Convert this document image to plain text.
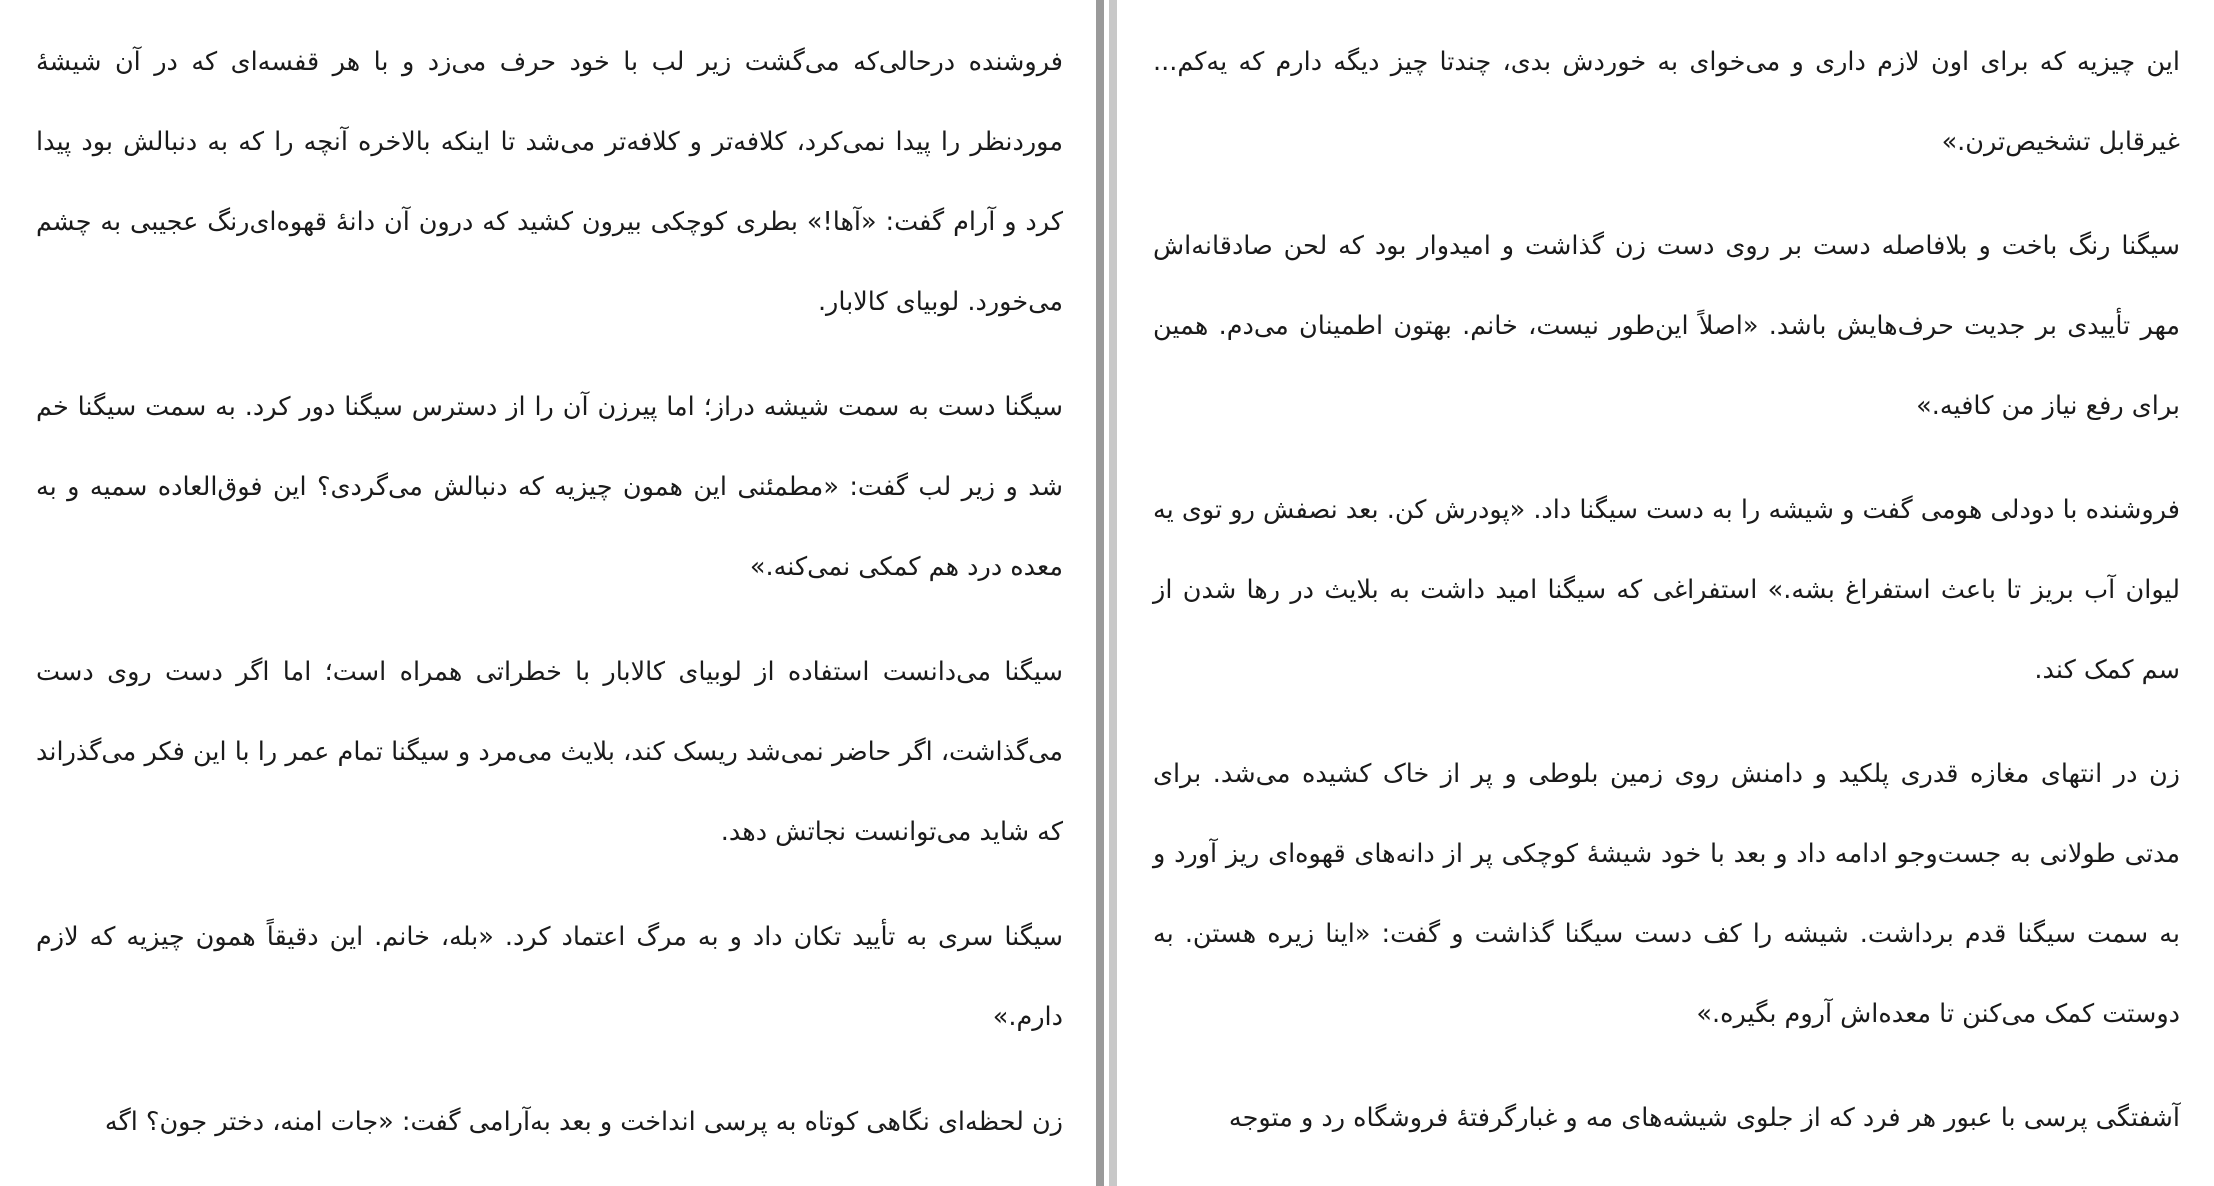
فروشنده درحالی‌که می‌گشت زیر لب با خود حرف می‌زد و با هر قفسه‌ای که در آن شیشهٔ موردنظر را پیدا نمی‌کرد، کلافه‌تر و کلافه‌تر می‌شد تا اینکه بالاخره آنچه را که به دنبالش بود پیدا کرد و آرام گفت: «آها!» بطری کوچکی بیرون کشید که درون آن دانهٔ قهوه‌ای‌رنگ عجیبی به چشم می‌خورد. لوبیای کالابار.

سیگنا دست به سمت شیشه دراز؛ اما پیرزن آن را از دسترس سیگنا دور کرد. به سمت سیگنا خم شد و زیر لب گفت: «مطمئنی این همون چیزیه که دنبالش می‌گردی؟ این فوق‌العاده سمیه و به معده درد هم کمکی نمی‌کنه.»

سیگنا می‌دانست استفاده از لوبیای کالابار با خطراتی همراه است؛ اما اگر دست روی دست می‌گذاشت، اگر حاضر نمی‌شد ریسک کند، بلایث می‌مرد و سیگنا تمام عمر را با این فکر می‌گذراند که شاید می‌توانست نجاتش دهد.

سیگنا سری به تأیید تکان داد و به مرگ اعتماد کرد. «بله، خانم. این دقیقاً همون چیزیه که لازم دارم.»

زن لحظه‌ای نگاهی کوتاه به پرسی انداخت و بعد به‌آرامی گفت: «جات امنه، دختر جون؟ اگه

این چیزیه که برای اون لازم داری و می‌خوای به خوردش بدی، چندتا چیز دیگه دارم که یه‌کم... غیرقابل تشخیص‌ترن.»

سیگنا رنگ باخت و بلافاصله دست بر روی دست زن گذاشت و امیدوار بود که لحن صادقانه‌اش مهر تأییدی بر جدیت حرف‌هایش باشد. «اصلاً این‌طور نیست، خانم. بهتون اطمینان می‌دم. همین برای رفع نیاز من کافیه.»

فروشنده با دودلی هومی گفت و شیشه را به دست سیگنا داد. «پودرش کن. بعد نصفش رو توی یه لیوان آب بریز تا باعث استفراغ بشه.» استفراغی که سیگنا امید داشت به بلایث در رها شدن از سم کمک کند.

زن در انتهای مغازه قدری پلکید و دامنش روی زمین بلوطی و پر از خاک کشیده می‌شد. برای مدتی طولانی به جست‌وجو ادامه داد و بعد با خود شیشهٔ کوچکی پر از دانه‌های قهوه‌ای ریز آورد و به سمت سیگنا قدم برداشت. شیشه را کف دست سیگنا گذاشت و گفت: «اینا زیره هستن. به دوستت کمک می‌کنن تا معده‌اش آروم بگیره.»

آشفتگی پرسی با عبور هر فرد که از جلوی شیشه‌های مه و غبارگرفتهٔ فروشگاه رد و متوجه
